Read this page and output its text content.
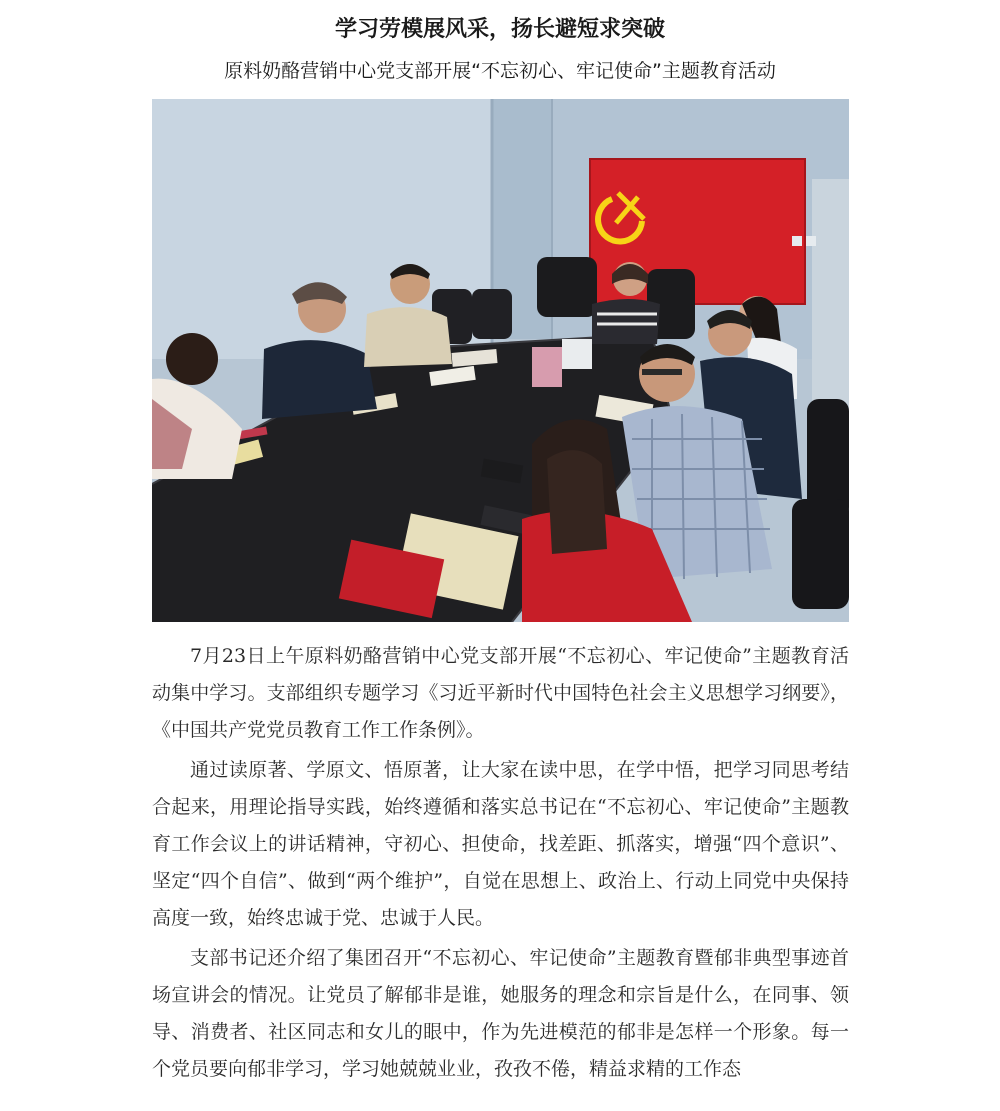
学习劳模展风采，扬长避短求突破
原料奶酪营销中心党支部开展“不忘初心、牢记使命”主题教育活动

7月23日上午原料奶酪营销中心党支部开展“不忘初心、牢记使命”主题教育活动集中学习。支部组织专题学习《习近平新时代中国特色社会主义思想学习纲要》，《中国共产党党员教育工作工作条例》。

通过读原著、学原文、悟原著，让大家在读中思，在学中悟，把学习同思考结合起来，用理论指导实践，始终遵循和落实总书记在“不忘初心、牢记使命”主题教育工作会议上的讲话精神，守初心、担使命，找差距、抓落实，增强“四个意识”、坚定“四个自信”、做到“两个维护”，自觉在思想上、政治上、行动上同党中央保持高度一致，始终忠诚于党、忠诚于人民。

支部书记还介绍了集团召开“不忘初心、牢记使命”主题教育暨郁非典型事迹首场宣讲会的情况。让党员了解郁非是谁，她服务的理念和宗旨是什么，在同事、领导、消费者、社区同志和女儿的眼中，作为先进模范的郁非是怎样一个形象。每一个党员要向郁非学习，学习她兢兢业业，孜孜不倦，精益求精的工作态
